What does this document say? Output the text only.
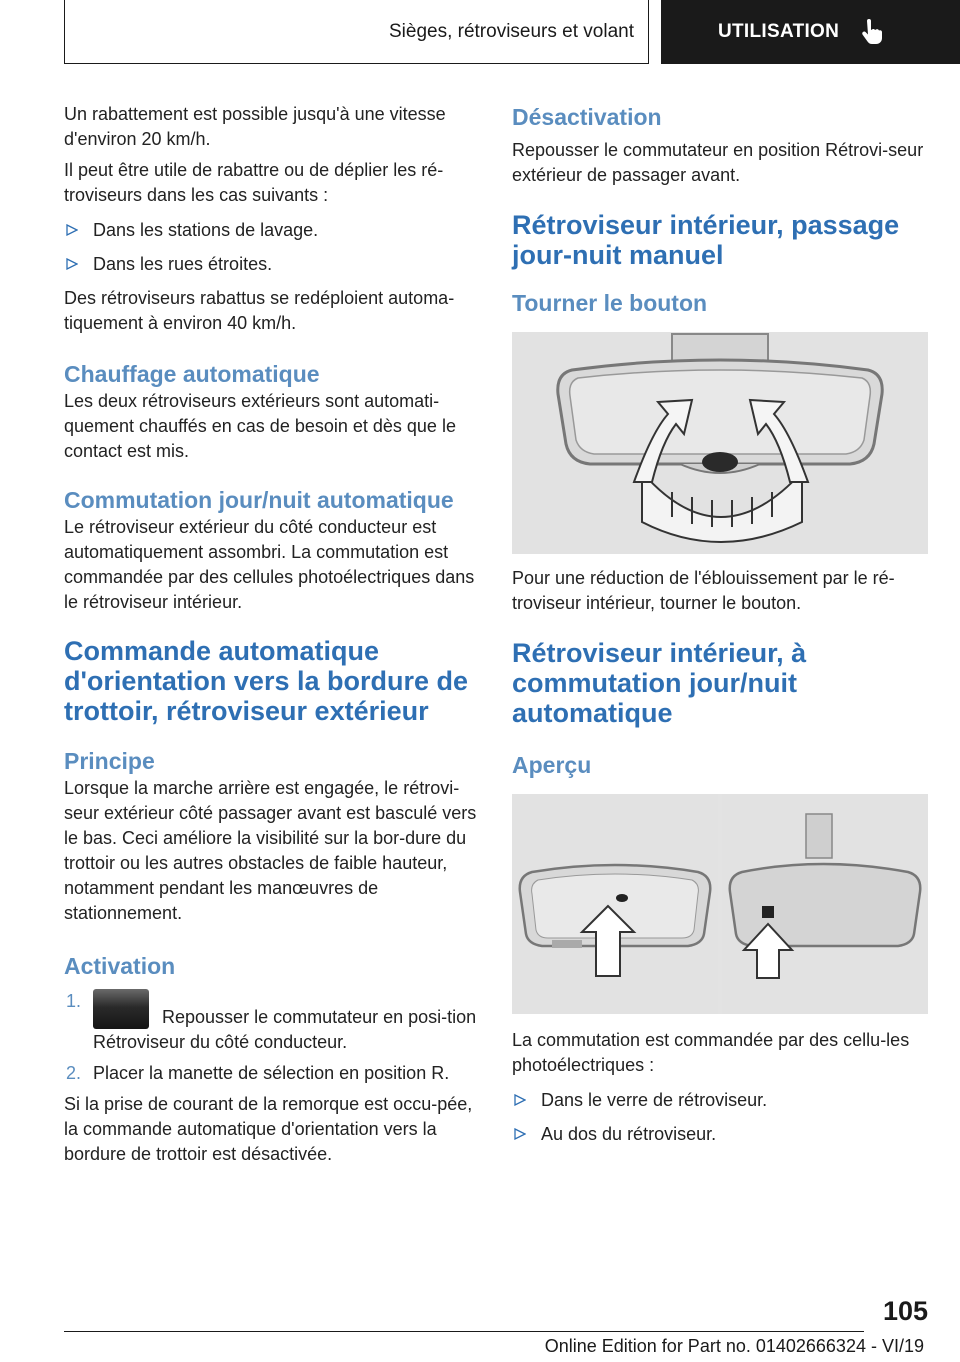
Sièges, rétroviseurs et volant	UTILISATION

Un rabattement est possible jusqu'à une vitesse d'environ 20 km/h.

Il peut être utile de rabattre ou de déplier les ré‐troviseurs dans les cas suivants :

Dans les stations de lavage.
Dans les rues étroites.

Des rétroviseurs rabattus se redéploient automa‐tiquement à environ 40 km/h.

Chauffage automatique

Les deux rétroviseurs extérieurs sont automati‐quement chauffés en cas de besoin et dès que le contact est mis.

Commutation jour/nuit automatique

Le rétroviseur extérieur du côté conducteur est automatiquement assombri. La commutation est commandée par des cellules photoélectriques dans le rétroviseur intérieur.

Commande automatique d'orientation vers la bordure de trottoir, rétroviseur extérieur
Principe

Lorsque la marche arrière est engagée, le rétrovi‐seur extérieur côté passager avant est basculé vers le bas. Ceci améliore la visibilité sur la bor‐dure du trottoir ou les autres obstacles de faible hauteur, notamment pendant les manœuvres de stationnement.

Activation
1.
Repousser le commutateur en posi‐tion Rétroviseur du côté conducteur.
2. Placer la manette de sélection en position R.

Si la prise de courant de la remorque est occu‐pée, la commande automatique d'orientation vers la bordure de trottoir est désactivée.

Désactivation

Repousser le commutateur en position Rétrovi‐seur extérieur de passager avant.

Rétroviseur intérieur, passage jour-nuit manuel
Tourner le bouton

Pour une réduction de l'éblouissement par le ré‐troviseur intérieur, tourner le bouton.

Rétroviseur intérieur, à commutation jour/nuit automatique
Aperçu

La commutation est commandée par des cellu‐les photoélectriques :

Dans le verre de rétroviseur.
Au dos du rétroviseur.
105
Online Edition for Part no. 01402666324 - VI/19
